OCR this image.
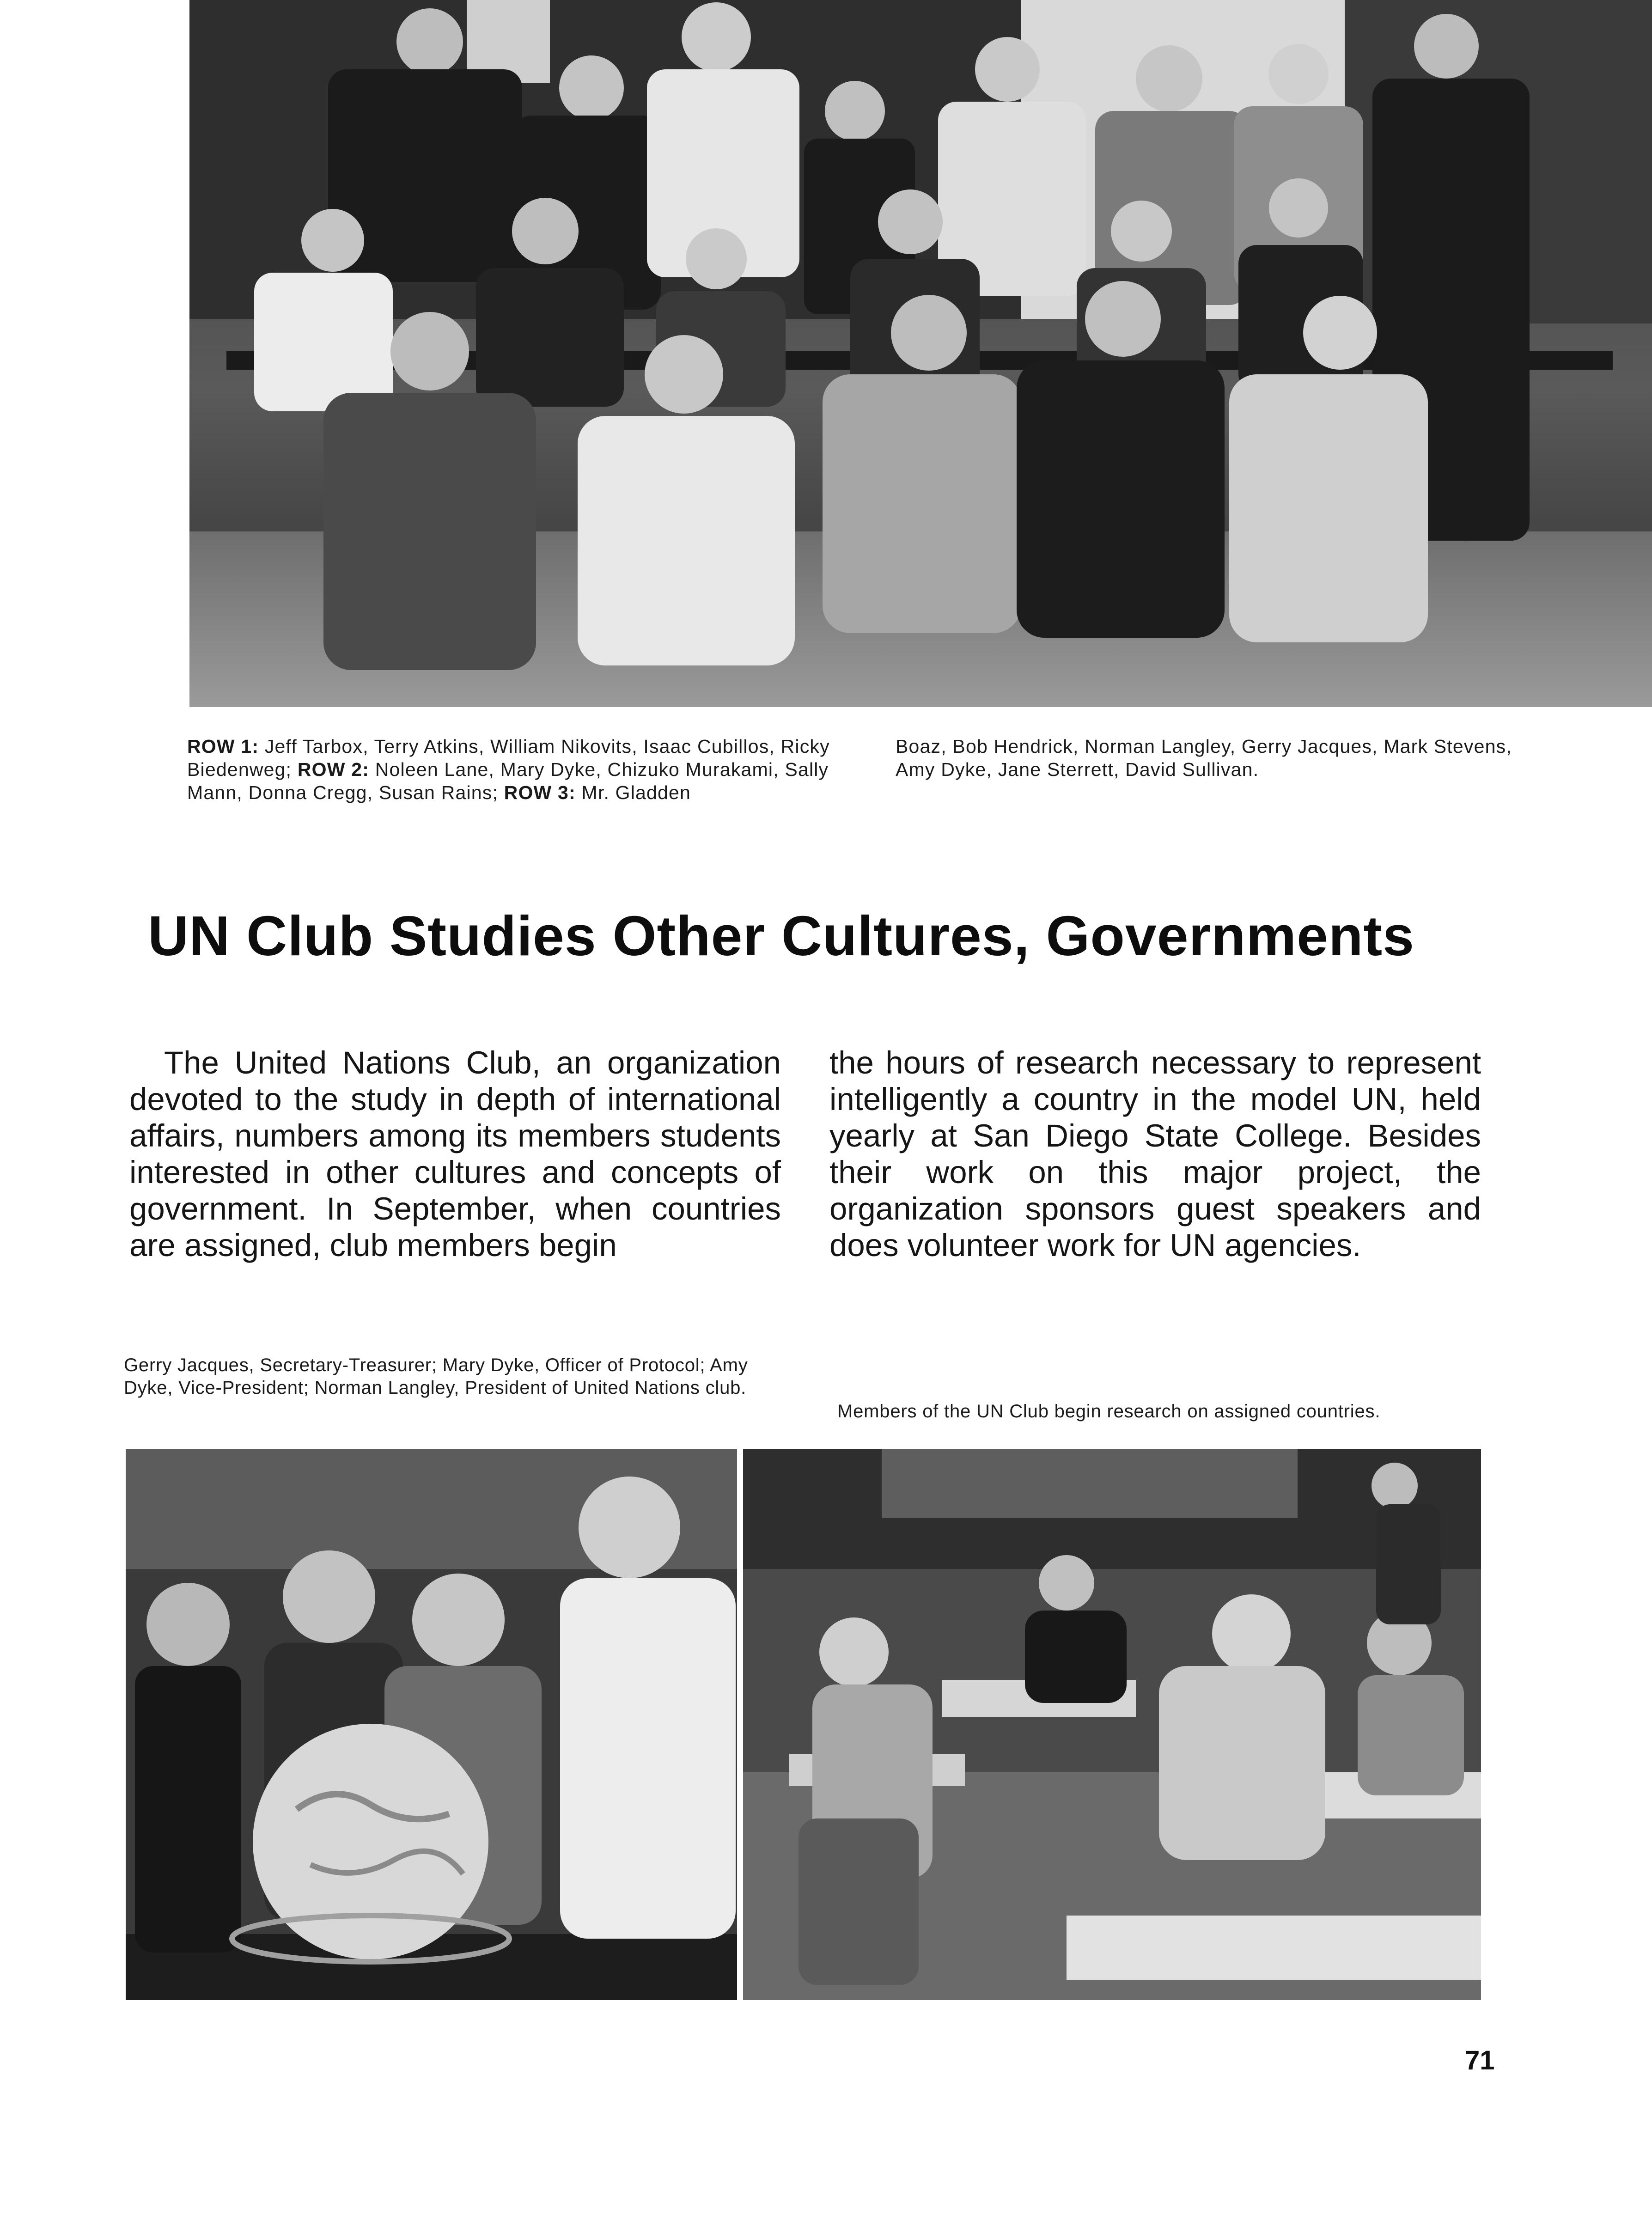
ROW 1: Jeff Tarbox, Terry Atkins, William Nikovits, Isaac Cubillos, Ricky Biedenweg; ROW 2: Noleen Lane, Mary Dyke, Chizuko Murakami, Sally Mann, Donna Cregg, Susan Rains; ROW 3: Mr. Gladden

Boaz, Bob Hendrick, Norman Langley, Gerry Jacques, Mark Stevens, Amy Dyke, Jane Sterrett, David Sullivan.

UN Club Studies Other Cultures, Governments

The United Nations Club, an organization devoted to the study in depth of international affairs, numbers among its members students interested in other cultures and concepts of government. In September, when countries are assigned, club members begin

the hours of research necessary to represent intelligently a country in the model UN, held yearly at San Diego State College. Besides their work on this major project, the organization sponsors guest speakers and does volunteer work for UN agencies.

Gerry Jacques, Secretary-Treasurer; Mary Dyke, Officer of Protocol; Amy Dyke, Vice-President; Norman Langley, President of United Nations club.

Members of the UN Club begin research on assigned countries.

71
